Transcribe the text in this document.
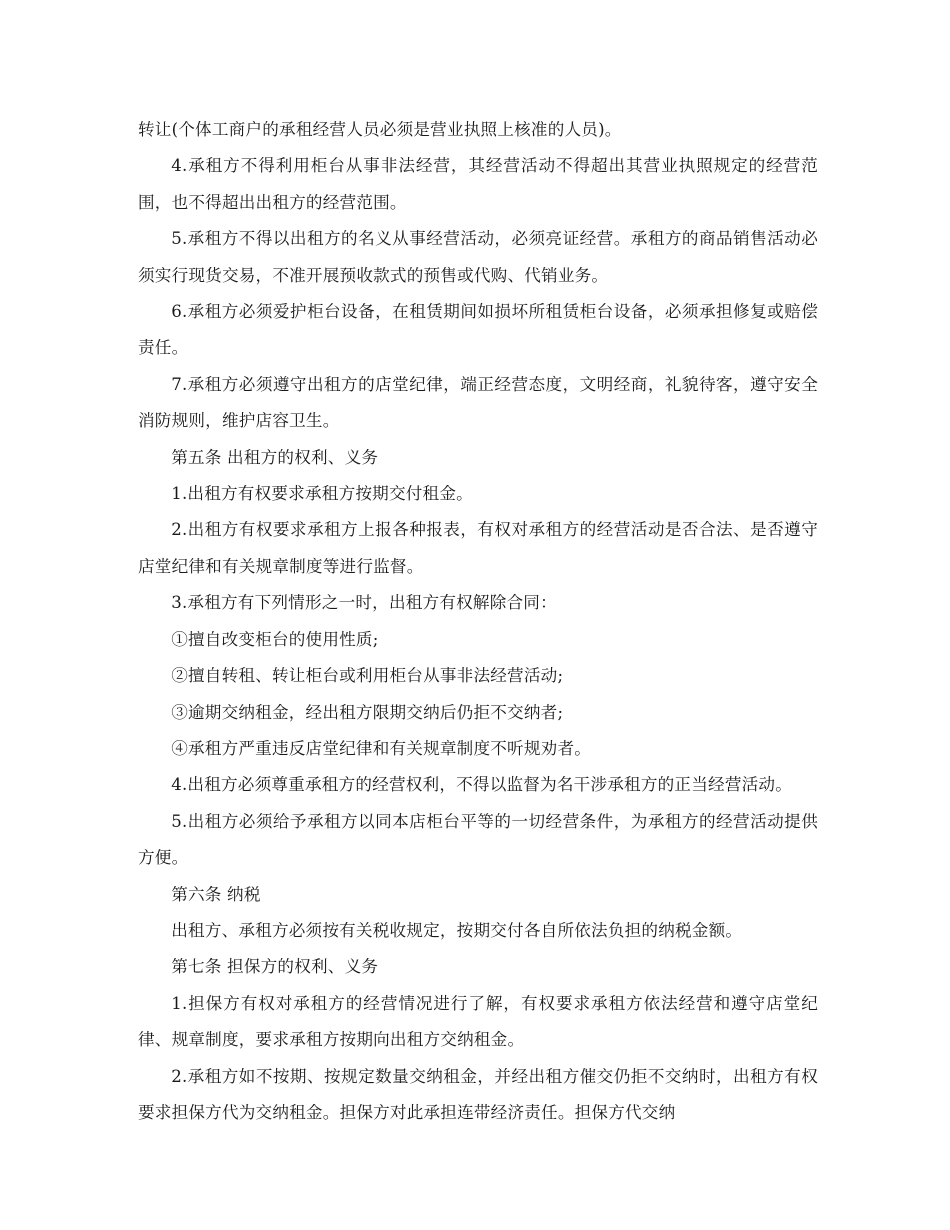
转让(个体工商户的承租经营人员必须是营业执照上核准的人员)。

4.承租方不得利用柜台从事非法经营，其经营活动不得超出其营业执照规定的经营范围，也不得超出出租方的经营范围。

5.承租方不得以出租方的名义从事经营活动，必须亮证经营。承租方的商品销售活动必须实行现货交易，不准开展预收款式的预售或代购、代销业务。

6.承租方必须爱护柜台设备，在租赁期间如损坏所租赁柜台设备，必须承担修复或赔偿责任。

7.承租方必须遵守出租方的店堂纪律，端正经营态度，文明经商，礼貌待客，遵守安全消防规则，维护店容卫生。

第五条 出租方的权利、义务

1.出租方有权要求承租方按期交付租金。

2.出租方有权要求承租方上报各种报表，有权对承租方的经营活动是否合法、是否遵守店堂纪律和有关规章制度等进行监督。

3.承租方有下列情形之一时，出租方有权解除合同：

①擅自改变柜台的使用性质;

②擅自转租、转让柜台或利用柜台从事非法经营活动;

③逾期交纳租金，经出租方限期交纳后仍拒不交纳者;

④承租方严重违反店堂纪律和有关规章制度不听规劝者。

4.出租方必须尊重承租方的经营权利，不得以监督为名干涉承租方的正当经营活动。

5.出租方必须给予承租方以同本店柜台平等的一切经营条件，为承租方的经营活动提供方便。

第六条 纳税

出租方、承租方必须按有关税收规定，按期交付各自所依法负担的纳税金额。

第七条 担保方的权利、义务

1.担保方有权对承租方的经营情况进行了解，有权要求承租方依法经营和遵守店堂纪律、规章制度，要求承租方按期向出租方交纳租金。

2.承租方如不按期、按规定数量交纳租金，并经出租方催交仍拒不交纳时，出租方有权要求担保方代为交纳租金。担保方对此承担连带经济责任。担保方代交纳
